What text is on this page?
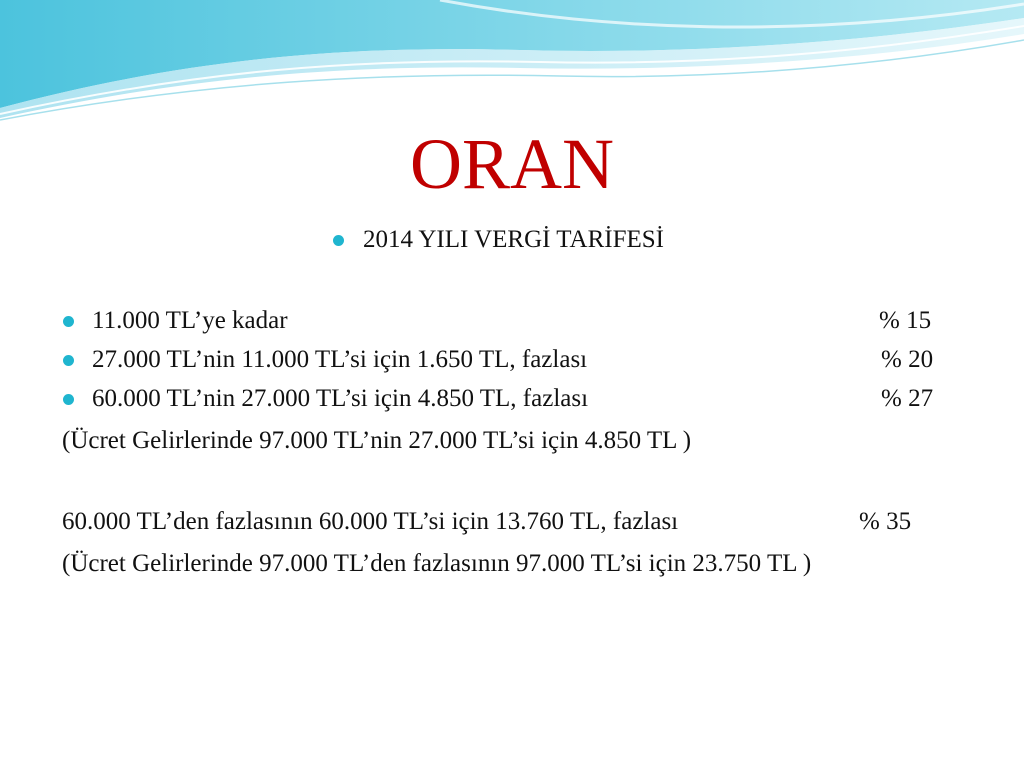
ORAN
2014 YILI VERGİ TARİFESİ
11.000 TL’ye kadar	% 15
27.000 TL’nin 11.000 TL’si için 1.650 TL, fazlası	% 20
60.000 TL’nin 27.000 TL’si için 4.850 TL, fazlası	% 27
(Ücret Gelirlerinde 97.000 TL’nin 27.000 TL’si için 4.850 TL )
60.000 TL’den fazlasının 60.000 TL’si için 13.760 TL, fazlası	% 35
(Ücret Gelirlerinde 97.000 TL’den fazlasının 97.000 TL’si için 23.750 TL )
